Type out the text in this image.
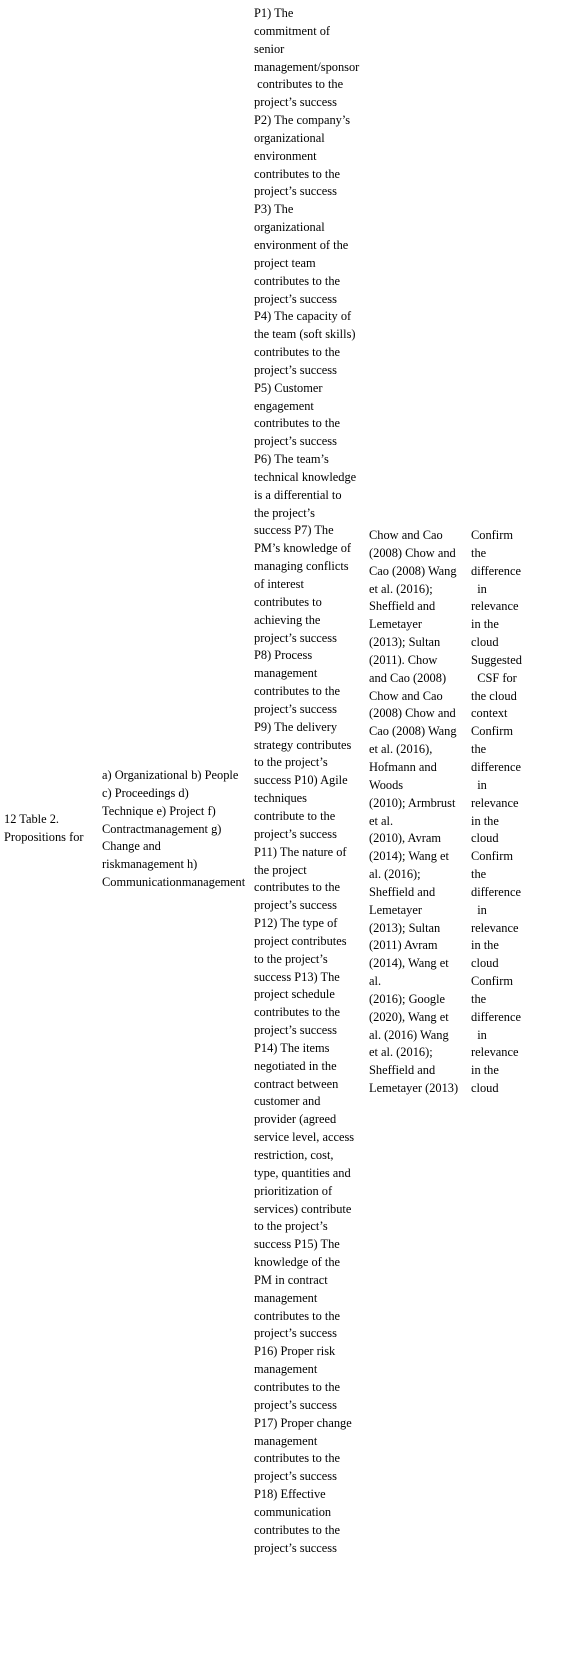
12 Table 2.
Propositions for
a) Organizational b) People
c) Proceedings d)
Technique e) Project f)
Contractmanagement g)
Change and
riskmanagement h)
Communicationmanagement
P1) The
commitment of
senior
management/sponsor
contributes to the
project’s success
P2) The company’s
organizational
environment
contributes to the
project’s success
P3) The
organizational
environment of the
project team
contributes to the
project’s success
P4) The capacity of
the team (soft skills)
contributes to the
project’s success
P5) Customer
engagement
contributes to the
project’s success
P6) The team’s
technical knowledge
is a differential to
the project’s
success P7) The
PM’s knowledge of
managing conflicts
of interest
contributes to
achieving the
project’s success
P8) Process
management
contributes to the
project’s success
P9) The delivery
strategy contributes
to the project’s
success P10) Agile
techniques
contribute to the
project’s success
P11) The nature of
the project
contributes to the
project’s success
P12) The type of
project contributes
to the project’s
success P13) The
project schedule
contributes to the
project’s success
P14) The items
negotiated in the
contract between
customer and
provider (agreed
service level, access
restriction, cost,
type, quantities and
prioritization of
services) contribute
to the project’s
success P15) The
knowledge of the
PM in contract
management
contributes to the
project’s success
P16) Proper risk
management
contributes to the
project’s success
P17) Proper change
management
contributes to the
project’s success
P18) Effective
communication
contributes to the
project’s success
Chow and Cao
(2008) Chow and
Cao (2008) Wang
et al. (2016);
Sheffield and
Lemetayer
(2013); Sultan
(2011). Chow
and Cao (2008)
Chow and Cao
(2008) Chow and
Cao (2008) Wang
et al. (2016),
Hofmann and
Woods
(2010); Armbrust
et al.
(2010), Avram
(2014); Wang et
al. (2016);
Sheffield and
Lemetayer
(2013); Sultan
(2011) Avram
(2014), Wang et
al.
(2016); Google
(2020), Wang et
al. (2016) Wang
et al. (2016);
Sheffield and
Lemetayer (2013)
Confirm
the
difference
in
relevance
in the
cloud
Suggested
CSF for
the cloud
context
Confirm
the
difference
in
relevance
in the
cloud
Confirm
the
difference
in
relevance
in the
cloud
Confirm
the
difference
in
relevance
in the
cloud
